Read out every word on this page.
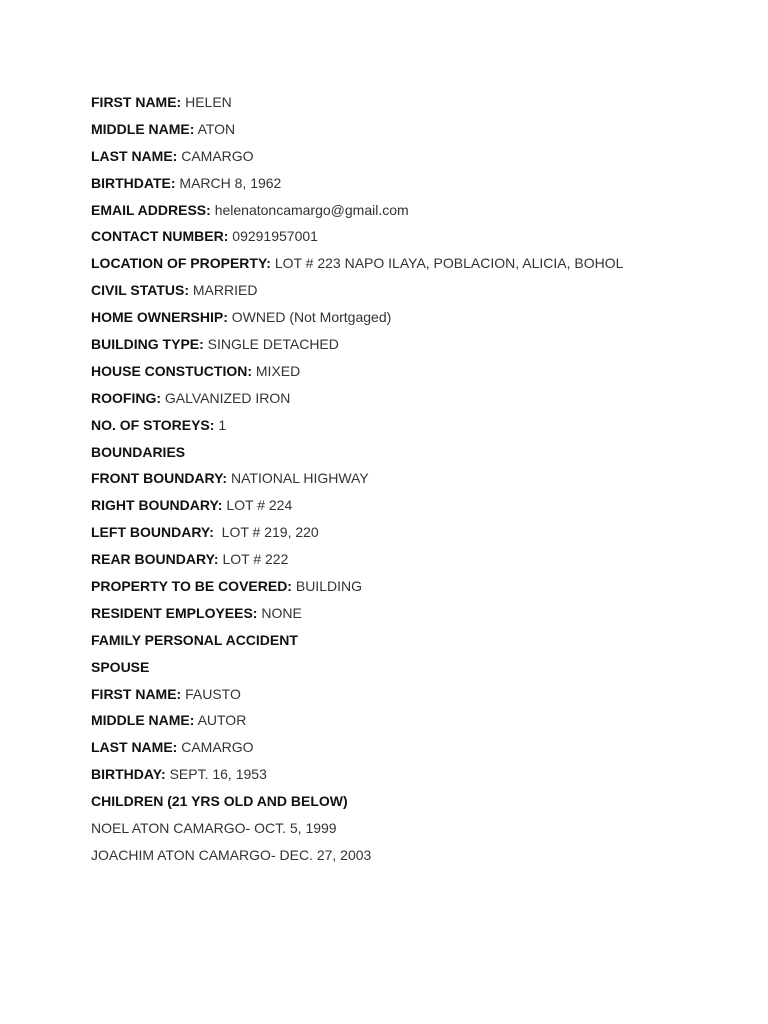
FIRST NAME: HELEN
MIDDLE NAME: ATON
LAST NAME: CAMARGO
BIRTHDATE: MARCH 8, 1962
EMAIL ADDRESS: helenatoncamargo@gmail.com
CONTACT NUMBER: 09291957001
LOCATION OF PROPERTY: LOT # 223 NAPO ILAYA, POBLACION, ALICIA, BOHOL
CIVIL STATUS: MARRIED
HOME OWNERSHIP: OWNED (Not Mortgaged)
BUILDING TYPE: SINGLE DETACHED
HOUSE CONSTUCTION: MIXED
ROOFING: GALVANIZED IRON
NO. OF STOREYS: 1
BOUNDARIES
FRONT BOUNDARY: NATIONAL HIGHWAY
RIGHT BOUNDARY: LOT # 224
LEFT BOUNDARY:  LOT # 219, 220
REAR BOUNDARY: LOT # 222
PROPERTY TO BE COVERED: BUILDING
RESIDENT EMPLOYEES: NONE
FAMILY PERSONAL ACCIDENT
SPOUSE
FIRST NAME: FAUSTO
MIDDLE NAME: AUTOR
LAST NAME: CAMARGO
BIRTHDAY: SEPT. 16, 1953
CHILDREN (21 YRS OLD AND BELOW)
NOEL ATON CAMARGO- OCT. 5, 1999
JOACHIM ATON CAMARGO- DEC. 27, 2003
